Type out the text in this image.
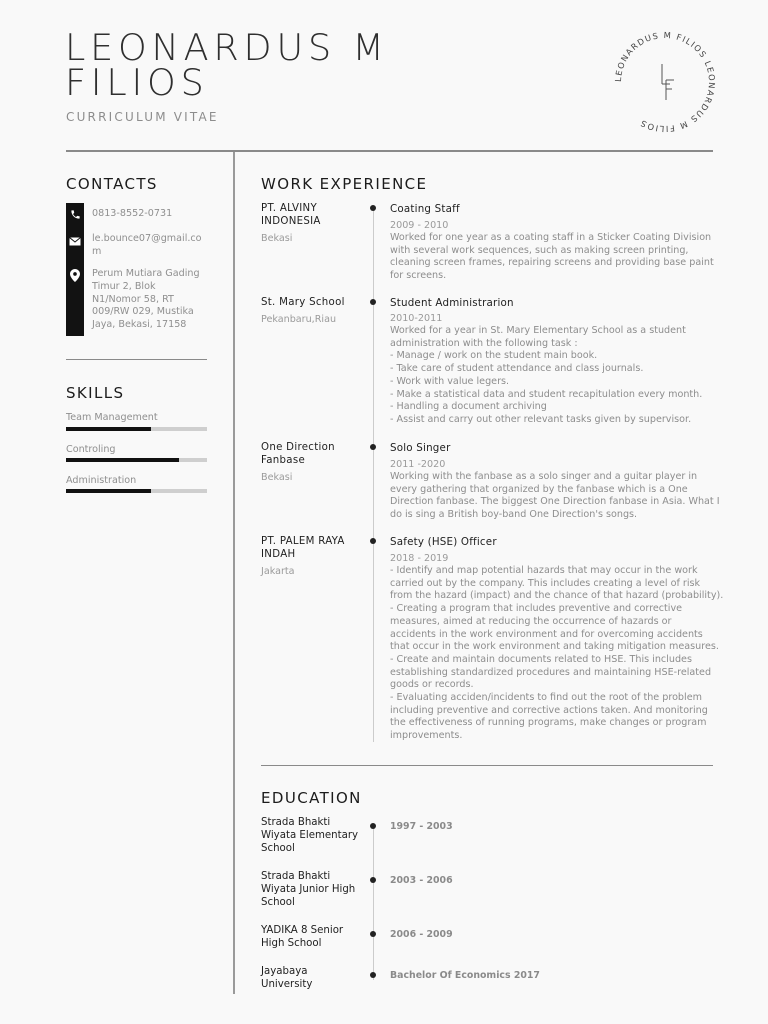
LEONARDUS M
FILIOS
CURRICULUM VITAE
LEONARDUS M FILIOS LEONARDUS M FILIOS
CONTACTS
0813-8552-0731
le.bounce07@gmail.co
m
Perum Mutiara Gading
Timur 2, Blok
N1/Nomor 58, RT
009/RW 029, Mustika
Jaya, Bekasi, 17158
SKILLS
Team Management
Controling
Administration
WORK EXPERIENCE
PT. ALVINY
INDONESIA
Bekasi
Coating Staff
2009 - 2010
Worked for one year as a coating staff in a Sticker Coating Division
with several work sequences, such as making screen printing,
cleaning screen frames, repairing screens and providing base paint
for screens.
St. Mary School
Pekanbaru,Riau
Student Administrarion
2010-2011
Worked for a year in St. Mary Elementary School as a student
administration with the following task :
- Manage / work on the student main book.
- Take care of student attendance and class journals.
- Work with value legers.
- Make a statistical data and student recapitulation every month.
- Handling a document archiving
- Assist and carry out other relevant tasks given by supervisor.
One Direction
Fanbase
Bekasi
Solo Singer
2011 -2020
Working with the fanbase as a solo singer and a guitar player in
every gathering that organized by the fanbase which is a One
Direction fanbase. The biggest One Direction fanbase in Asia. What I
do is sing a British boy-band One Direction's songs.
PT. PALEM RAYA
INDAH
Jakarta
Safety (HSE) Officer
2018 - 2019
- Identify and map potential hazards that may occur in the work
carried out by the company. This includes creating a level of risk
from the hazard (impact) and the chance of that hazard (probability).
- Creating a program that includes preventive and corrective
measures, aimed at reducing the occurrence of hazards or
accidents in the work environment and for overcoming accidents
that occur in the work environment and taking mitigation measures.
- Create and maintain documents related to HSE. This includes
establishing standardized procedures and maintaining HSE-related
goods or records.
- Evaluating acciden/incidents to find out the root of the problem
including preventive and corrective actions taken. And monitoring
the effectiveness of running programs, make changes or program
improvements.
EDUCATION
Strada Bhakti
Wiyata Elementary
School
1997 - 2003
Strada Bhakti
Wiyata Junior High
School
2003 - 2006
YADIKA 8 Senior
High School
2006 - 2009
Jayabaya
University
Bachelor Of Economics 2017
